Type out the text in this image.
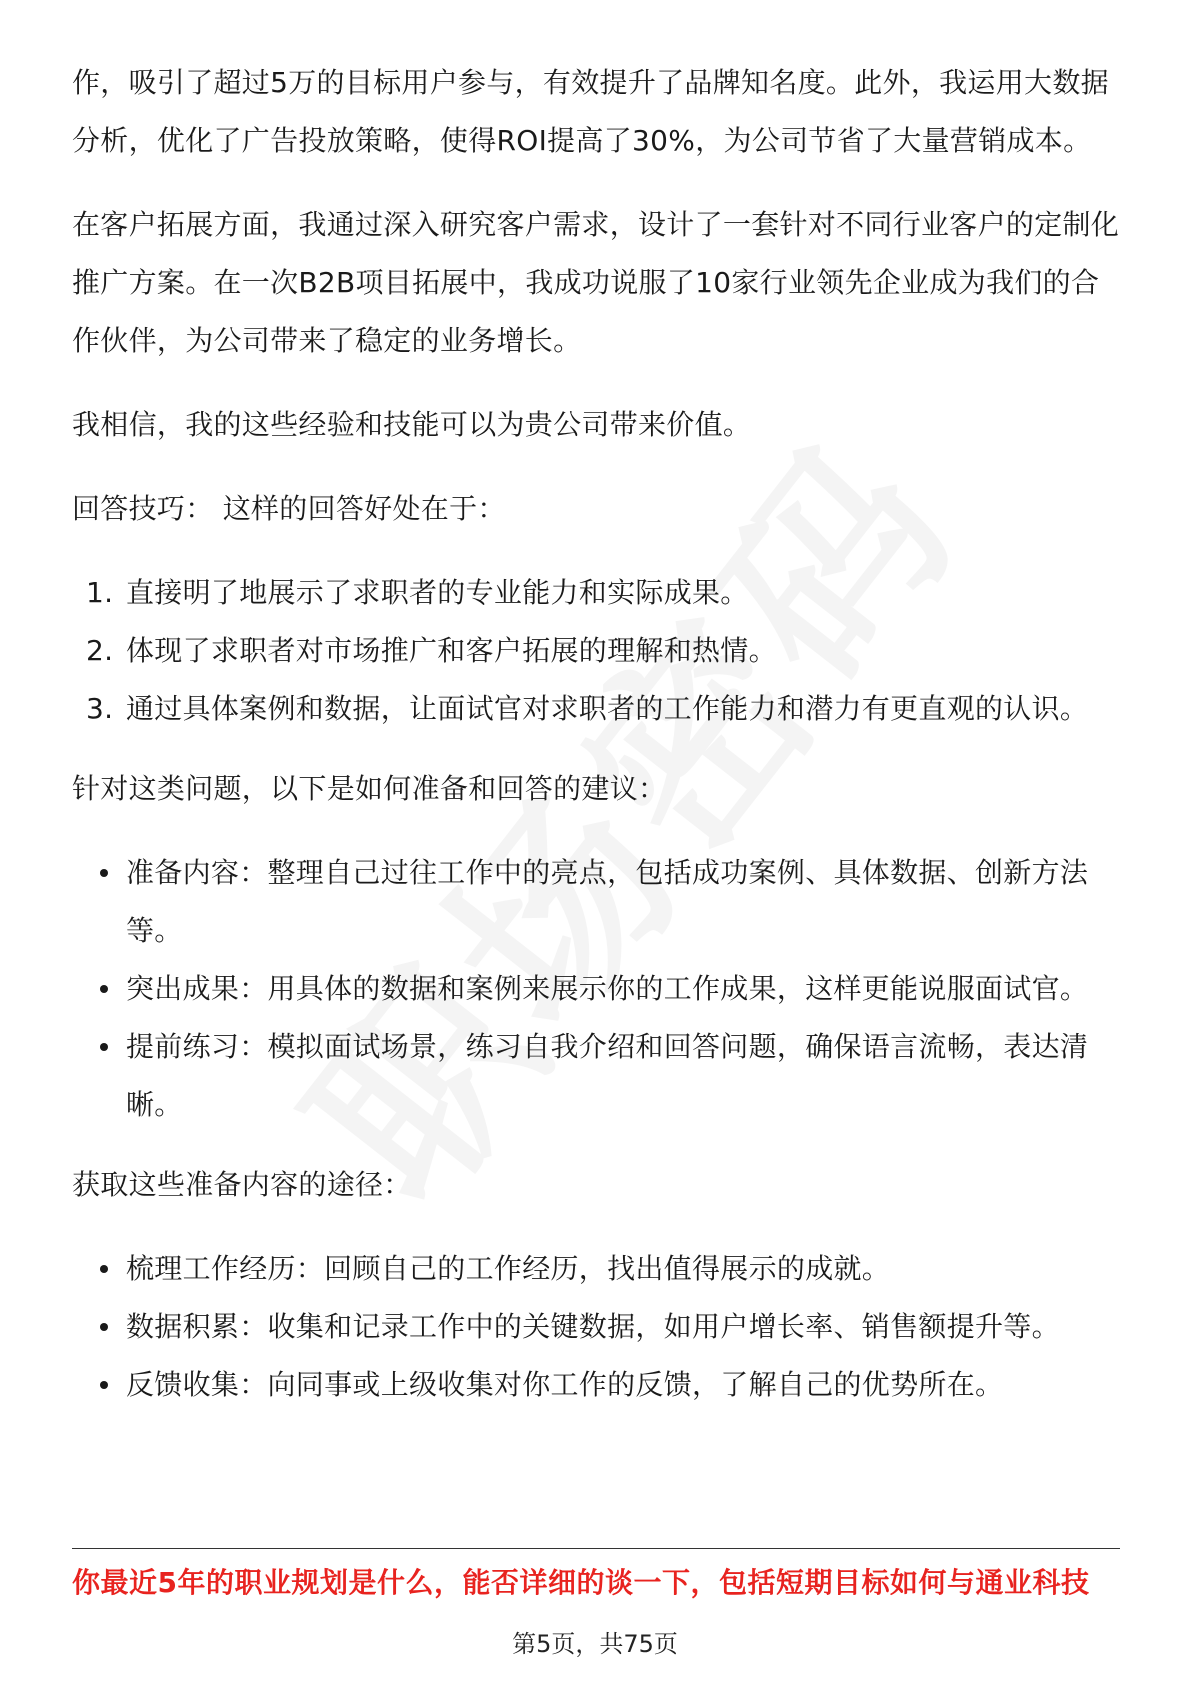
作，吸引了超过5万的目标用户参与，有效提升了品牌知名度。此外，我运用大数据分析，优化了广告投放策略，使得ROI提高了30%，为公司节省了大量营销成本。

在客户拓展方面，我通过深入研究客户需求，设计了一套针对不同行业客户的定制化推广方案。在一次B2B项目拓展中，我成功说服了10家行业领先企业成为我们的合作伙伴，为公司带来了稳定的业务增长。

我相信，我的这些经验和技能可以为贵公司带来价值。

回答技巧： 这样的回答好处在于：

1. 直接明了地展示了求职者的专业能力和实际成果。
2. 体现了求职者对市场推广和客户拓展的理解和热情。
3. 通过具体案例和数据，让面试官对求职者的工作能力和潜力有更直观的认识。

针对这类问题，以下是如何准备和回答的建议：

准备内容：整理自己过往工作中的亮点，包括成功案例、具体数据、创新方法等。
突出成果：用具体的数据和案例来展示你的工作成果，这样更能说服面试官。
提前练习：模拟面试场景，练习自我介绍和回答问题，确保语言流畅，表达清晰。

获取这些准备内容的途径：

梳理工作经历：回顾自己的工作经历，找出值得展示的成就。
数据积累：收集和记录工作中的关键数据，如用户增长率、销售额提升等。
反馈收集：向同事或上级收集对你工作的反馈，了解自己的优势所在。
你最近5年的职业规划是什么，能否详细的谈一下，包括短期目标如何与通业科技
第5页，共75页
